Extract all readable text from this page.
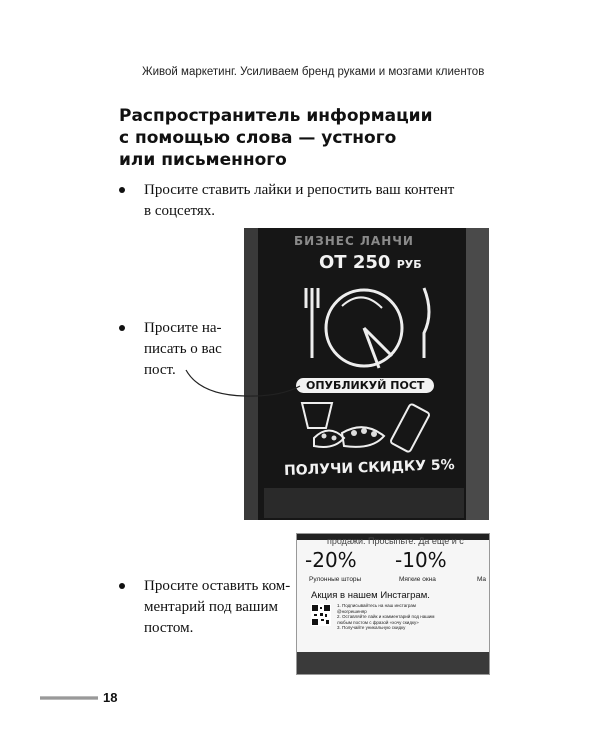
Живой маркетинг. Усиливаем бренд руками и мозгами клиентов
Распространитель информации
с помощью слова — устного
или письменного
Просите ставить лайки и репостить ваш контент
в соцсетях.
БИЗНЕС ЛАНЧИ
ОТ 250 РУБ
ОПУБЛИКУЙ ПОСТ
ПОЛУЧИ СКИДКУ 5%
Просите на-
писать о вас
пост.
продажи. Просыпьте. Да еще и с
-20% -10%
Рулонные шторы	Мягкие окна	Ma
Акция в нашем Инстаграм.
1. Подписывайтесь на наш инстаграм
@ногрешеняр
2. Оставляйте лайк и комментарий под нашим
любым постом с фразой «хочу скидку»
3. Получайте уникальную скидку
Просите оставить ком-
ментарий под вашим
постом.
18
